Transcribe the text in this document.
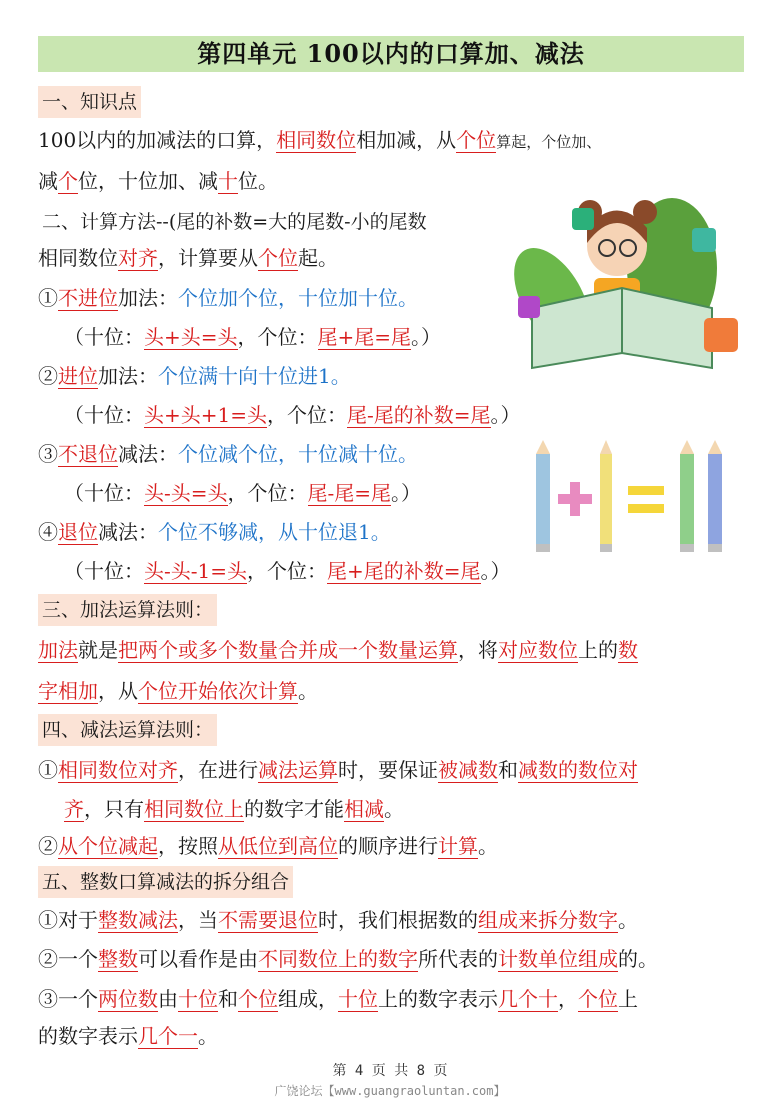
第四单元 100以内的口算加、减法
一、知识点
100以内的加减法的口算，相同数位相加减，从个位算起，个位加、
减个位，十位加、减十位。
二、计算方法--(尾的补数=大的尾数-小的尾数
相同数位对齐，计算要从个位起。
①不进位加法：个位加个位，十位加十位。
（十位：头+头=头，个位：尾+尾=尾。）
②进位加法：个位满十向十位进1。
（十位：头+头+1=头，个位：尾-尾的补数=尾。）
③不退位减法：个位减个位，十位减十位。
（十位：头-头=头，个位：尾-尾=尾。）
④退位减法：个位不够减，从十位退1。
（十位：头-头-1=头，个位：尾+尾的补数=尾。）
三、加法运算法则：
加法就是把两个或多个数量合并成一个数量运算，将对应数位上的数
字相加，从个位开始依次计算。
四、减法运算法则：
①相同数位对齐，在进行减法运算时，要保证被减数和减数的数位对
齐，只有相同数位上的数字才能相减。
②从个位减起，按照从低位到高位的顺序进行计算。
五、整数口算减法的拆分组合
①对于整数减法，当不需要退位时，我们根据数的组成来拆分数字。
②一个整数可以看作是由不同数位上的数字所代表的计数单位组成的。
③一个两位数由十位和个位组成，十位上的数字表示几个十，个位上
的数字表示几个一。
第 4 页 共 8 页
广饶论坛【www.guangraoluntan.com】
